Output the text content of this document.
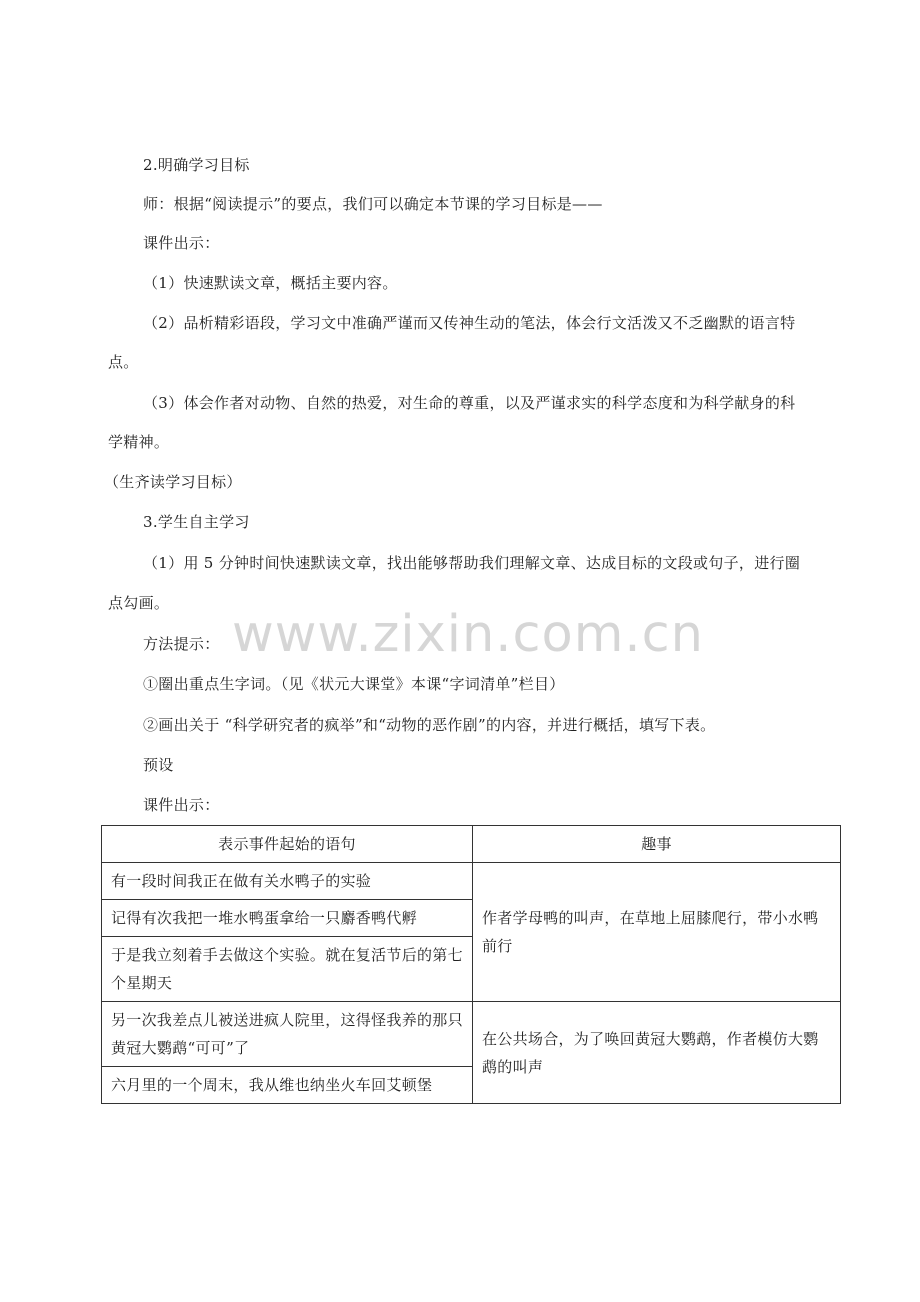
www.zixin.com.cn
2.明确学习目标
师：根据“阅读提示”的要点，我们可以确定本节课的学习目标是——
课件出示：
（1）快速默读文章，概括主要内容。
（2）品析精彩语段，学习文中准确严谨而又传神生动的笔法，体会行文活泼又不乏幽默的语言特
点。
（3）体会作者对动物、自然的热爱，对生命的尊重，以及严谨求实的科学态度和为科学献身的科
学精神。
（生齐读学习目标）
3.学生自主学习
（1）用 5 分钟时间快速默读文章，找出能够帮助我们理解文章、达成目标的文段或句子，进行圈
点勾画。
方法提示：
①圈出重点生字词。（见《状元大课堂》本课“字词清单”栏目）
②画出关于 “科学研究者的疯举”和“动物的恶作剧”的内容，并进行概括，填写下表。
预设
课件出示：
表示事件起始的语句	趣事
有一段时间我正在做有关水鸭子的实验	作者学母鸭的叫声，在草地上屈膝爬行，带小水鸭前行
记得有次我把一堆水鸭蛋拿给一只麝香鸭代孵	
于是我立刻着手去做这个实验。就在复活节后的第七个星期天	
另一次我差点儿被送进疯人院里，这得怪我养的那只黄冠大鹦鹉“可可”了	在公共场合，为了唤回黄冠大鹦鹉，作者模仿大鹦鹉的叫声
六月里的一个周末，我从维也纳坐火车回艾顿堡	
